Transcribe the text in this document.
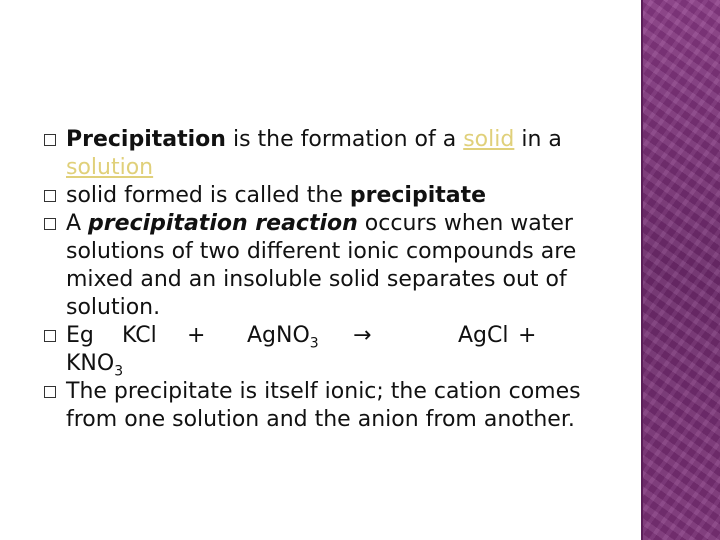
Precipitation is the formation of a solid in a solution
solid formed is called the precipitate
A precipitation reaction occurs when water solutions of two different ionic compounds are mixed and an insoluble solid separates out of solution.
Eg	KCl	+	AgNO$_3$	→	AgCl +
$KNO_3$
The precipitate is itself ionic; the cation comes from one solution and the anion from another.
